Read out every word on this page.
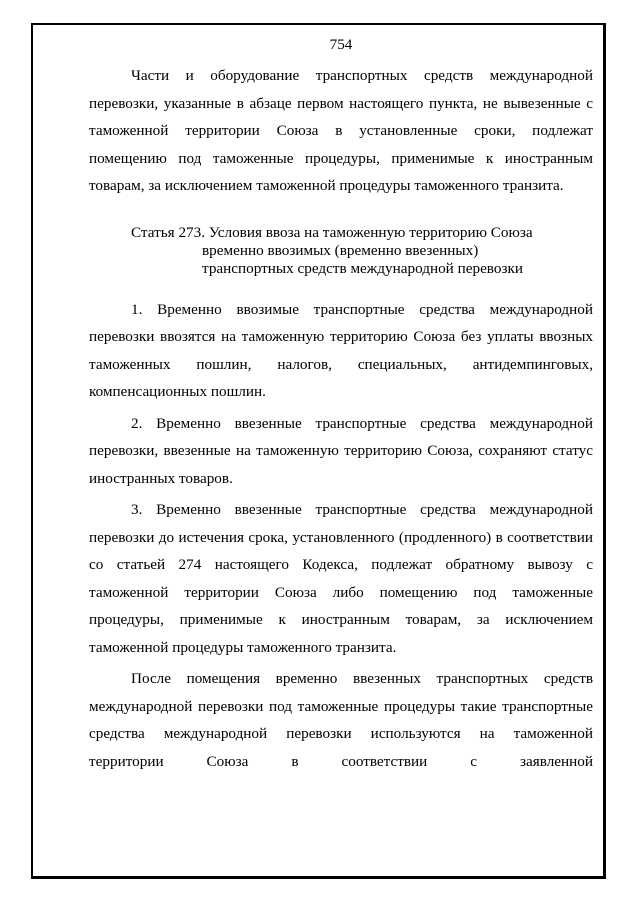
754

Части и оборудование транспортных средств международной перевозки, указанные в абзаце первом настоящего пункта, не вывезенные с таможенной территории Союза в установленные сроки, подлежат помещению под таможенные процедуры, применимые к иностранным товарам, за исключением таможенной процедуры таможенного транзита.

Статья 273. Условия ввоза на таможенную территорию Союза
временно ввозимых (временно ввезенных)
транспортных средств международной перевозки

1. Временно ввозимые транспортные средства международной перевозки ввозятся на таможенную территорию Союза без уплаты ввозных таможенных пошлин, налогов, специальных, антидемпинговых, компенсационных пошлин.

2. Временно ввезенные транспортные средства международной перевозки, ввезенные на таможенную территорию Союза, сохраняют статус иностранных товаров.

3. Временно ввезенные транспортные средства международной перевозки до истечения срока, установленного (продленного) в соответствии со статьей 274 настоящего Кодекса, подлежат обратному вывозу с таможенной территории Союза либо помещению под таможенные процедуры, применимые к иностранным товарам, за исключением таможенной процедуры таможенного транзита.

После помещения временно ввезенных транспортных средств международной перевозки под таможенные процедуры такие транспортные средства международной перевозки используются на таможенной территории Союза в соответствии с заявленной
